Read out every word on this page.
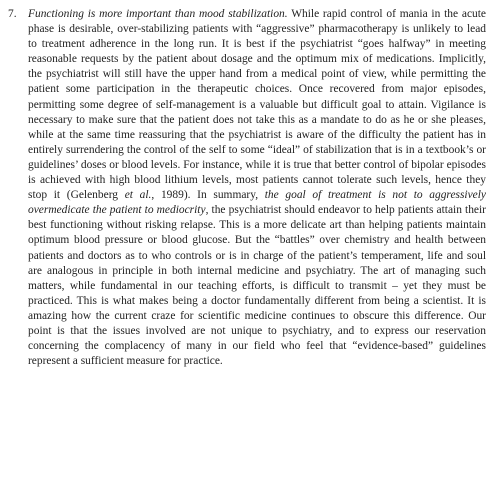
7. Functioning is more important than mood stabilization. While rapid control of mania in the acute phase is desirable, over-stabilizing patients with “aggressive” pharmacotherapy is unlikely to lead to treatment adherence in the long run. It is best if the psychiatrist “goes halfway” in meeting reasonable requests by the patient about dosage and the optimum mix of medications. Implicitly, the psychiatrist will still have the upper hand from a medical point of view, while permitting the patient some participation in the therapeutic choices. Once recovered from major episodes, permitting some degree of self-management is a valuable but difficult goal to attain. Vigilance is necessary to make sure that the patient does not take this as a mandate to do as he or she pleases, while at the same time reassuring that the psychiatrist is aware of the difficulty the patient has in entirely surrendering the control of the self to some “ideal” of stabilization that is in a textbook’s or guidelines’ doses or blood levels. For instance, while it is true that better control of bipolar episodes is achieved with high blood lithium levels, most patients cannot tolerate such levels, hence they stop it (Gelenberg et al., 1989). In summary, the goal of treatment is not to aggressively overmedicate the patient to mediocrity, the psychiatrist should endeavor to help patients attain their best functioning without risking relapse. This is a more delicate art than helping patients maintain optimum blood pressure or blood glucose. But the “battles” over chemistry and health between patients and doctors as to who controls or is in charge of the patient’s temperament, life and soul are analogous in principle in both internal medicine and psychiatry. The art of managing such matters, while fundamental in our teaching efforts, is difficult to transmit – yet they must be practiced. This is what makes being a doctor fundamentally different from being a scientist. It is amazing how the current craze for scientific medicine continues to obscure this difference. Our point is that the issues involved are not unique to psychiatry, and to express our reservation concerning the complacency of many in our field who feel that “evidence-based” guidelines represent a sufficient measure for practice.
